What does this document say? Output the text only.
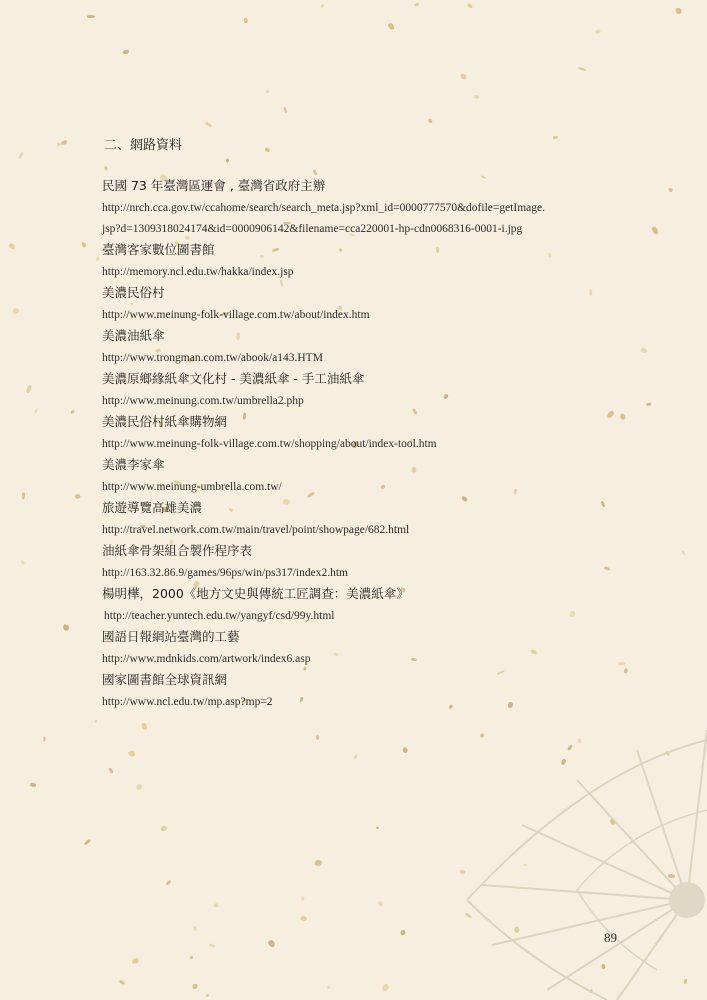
二、網路資料
民國 73 年臺灣區運會 , 臺灣省政府主辦
http://nrch.cca.gov.tw/ccahome/search/search_meta.jsp?xml_id=0000777570&dofile=getImage.
jsp?d=1309318024174&id=0000906142&filename=cca220001-hp-cdn0068316-0001-i.jpg
臺灣客家數位圖書館
http://memory.ncl.edu.tw/hakka/index.jsp
美濃民俗村
http://www.meinung-folk-village.com.tw/about/index.htm
美濃油紙傘
http://www.trongman.com.tw/abook/a143.HTM
美濃原鄉緣紙傘文化村 - 美濃紙傘 - 手工油紙傘
http://www.meinung.com.tw/umbrella2.php
美濃民俗村紙傘購物網
http://www.meinung-folk-village.com.tw/shopping/about/index-tool.htm
美濃李家傘
http://www.meinung-umbrella.com.tw/
旅遊導覽高雄美濃
http://travel.network.com.tw/main/travel/point/showpage/682.html
油紙傘骨架組合製作程序表
http://163.32.86.9/games/96ps/win/ps317/index2.htm
楊明樺，2000《地方文史與傳統工匠調查：美濃紙傘》
http://teacher.yuntech.edu.tw/yangyf/csd/99y.html
國語日報網站臺灣的工藝
http://www.mdnkids.com/artwork/index6.asp
國家圖書館全球資訊網
http://www.ncl.edu.tw/mp.asp?mp=2
89
